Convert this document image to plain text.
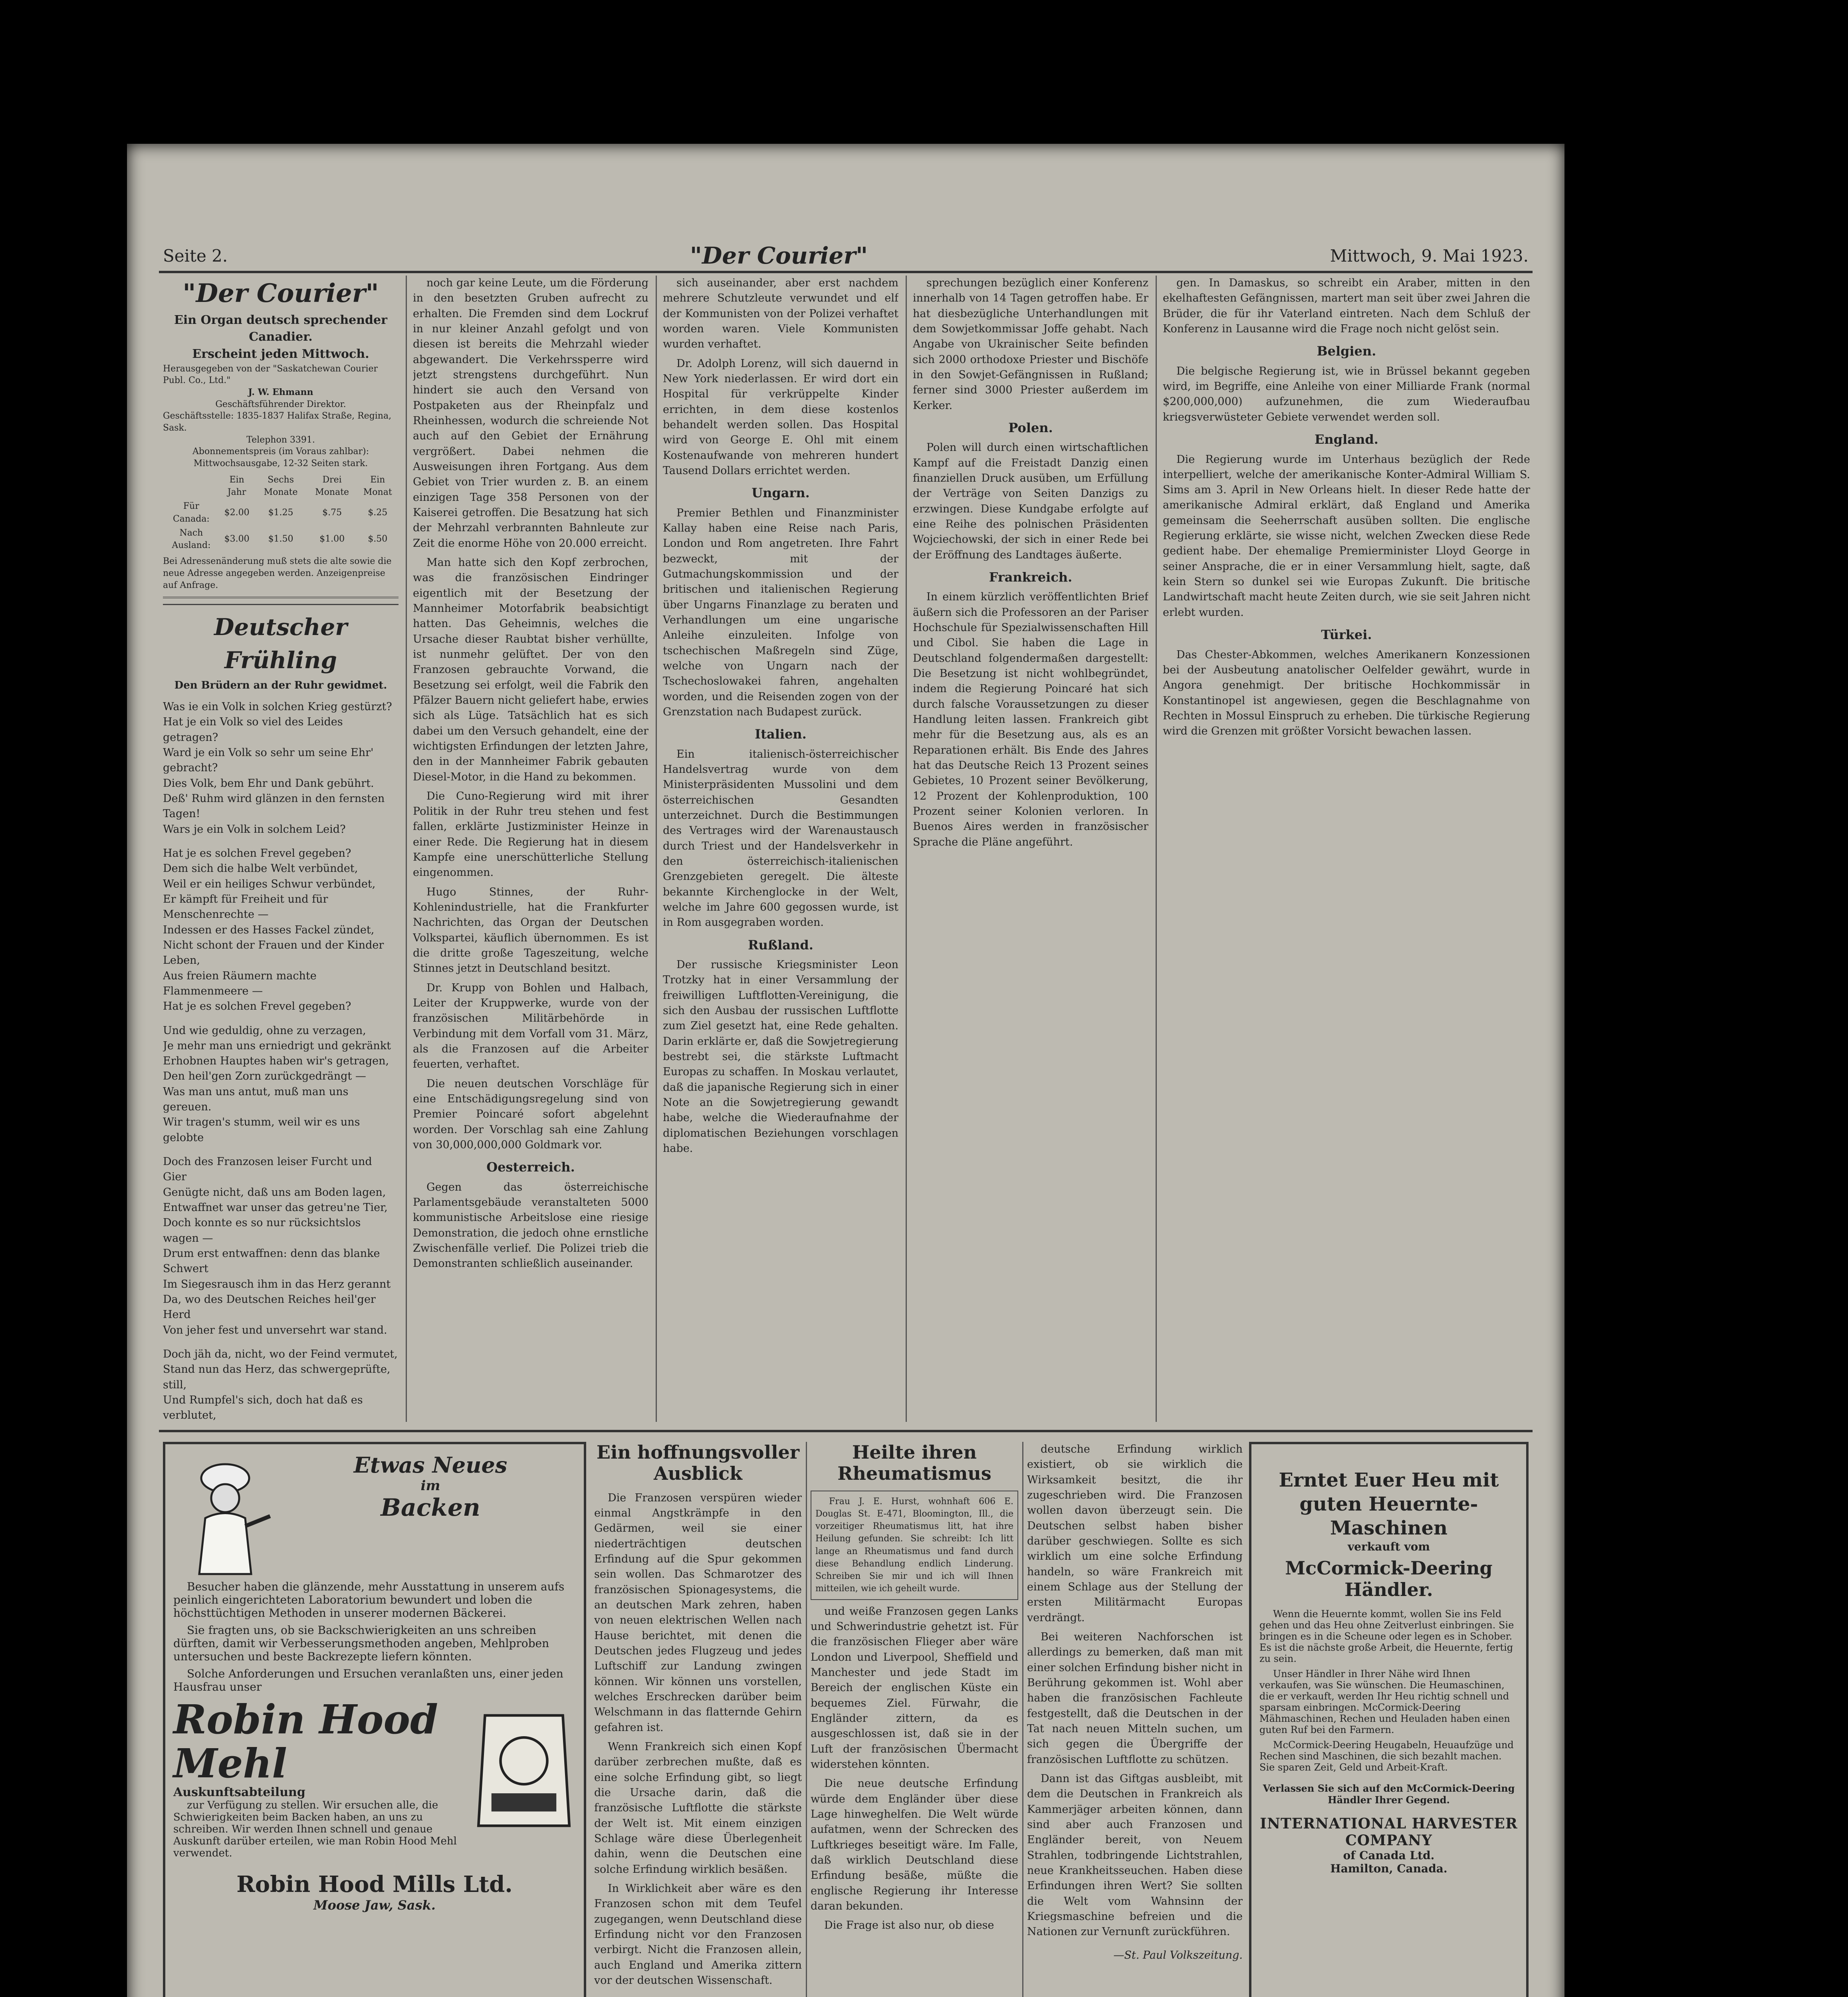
Seite 2.	"Der Courier"	Mittwoch, 9. Mai 1923.
"Der Courier"
Ein Organ deutsch sprechender Canadier.
Erscheint jeden Mittwoch.
Herausgegeben von der "Saskatchewan Courier Publ. Co., Ltd."
J. W. Ehmann
Geschäftsführender Direktor.
Geschäftsstelle: 1835-1837 Halifax Straße, Regina, Sask.
Telephon 3391.
Abonnementspreis (im Voraus zahlbar):
Mittwochsausgabe, 12-32 Seiten stark.
	Ein Jahr	Sechs Monate	Drei Monate	Ein Monat
Für Canada:	$2.00	$1.25	$.75	$.25
Nach Ausland:	$3.00	$1.50	$1.00	$.50
Bei Adressenänderung muß stets die alte sowie die neue Adresse angegeben werden. Anzeigenpreise auf Anfrage.
Deutscher Frühling
Den Brüdern an der Ruhr gewidmet.

Was ie ein Volk in solchen Krieg gestürzt?

Hat je ein Volk so viel des Leides getragen?

Ward je ein Volk so sehr um seine Ehr' gebracht?

Dies Volk, bem Ehr und Dank gebührt.

Deß' Ruhm wird glänzen in den fernsten Tagen!

Wars je ein Volk in solchem Leid?

Hat je es solchen Frevel gegeben?

Dem sich die halbe Welt verbündet,

Weil er ein heiliges Schwur verbündet,

Er kämpft für Freiheit und für Menschenrechte —

Indessen er des Hasses Fackel zündet,

Nicht schont der Frauen und der Kinder Leben,

Aus freien Räumern machte Flammenmeere —

Hat je es solchen Frevel gegeben?

Und wie geduldig, ohne zu verzagen,

Je mehr man uns erniedrigt und gekränkt

Erhobnen Hauptes haben wir's getragen,

Den heil'gen Zorn zurückgedrängt —

Was man uns antut, muß man uns gereuen.

Wir tragen's stumm, weil wir es uns gelobte

Doch des Franzosen leiser Furcht und Gier

Genügte nicht, daß uns am Boden lagen,

Entwaffnet war unser das getreu'ne Tier,

Doch konnte es so nur rücksichtslos wagen —

Drum erst entwaffnen: denn das blanke Schwert

Im Siegesrausch ihm in das Herz gerannt

Da, wo des Deutschen Reiches heil'ger Herd

Von jeher fest und unversehrt war stand.

Doch jäh da, nicht, wo der Feind vermutet,

Stand nun das Herz, das schwergeprüfte, still,

Und Rumpfel's sich, doch hat daß es verblutet,

noch gar keine Leute, um die Förderung in den besetzten Gruben aufrecht zu erhalten. Die Fremden sind dem Lockruf in nur kleiner Anzahl gefolgt und von diesen ist bereits die Mehrzahl wieder abgewandert. Die Verkehrssperre wird jetzt strengstens durchgeführt. Nun hindert sie auch den Versand von Postpaketen aus der Rheinpfalz und Rheinhessen, wodurch die schreiende Not auch auf den Gebiet der Ernährung vergrößert. Dabei nehmen die Ausweisungen ihren Fortgang. Aus dem Gebiet von Trier wurden z. B. an einem einzigen Tage 358 Personen von der Kaiserei getroffen. Die Besatzung hat sich der Mehrzahl verbrannten Bahnleute zur Zeit die enorme Höhe von 20.000 erreicht.

Man hatte sich den Kopf zerbrochen, was die französischen Eindringer eigentlich mit der Besetzung der Mannheimer Motorfabrik beabsichtigt hatten. Das Geheimnis, welches die Ursache dieser Raubtat bisher verhüllte, ist nunmehr gelüftet. Der von den Franzosen gebrauchte Vorwand, die Besetzung sei erfolgt, weil die Fabrik den Pfälzer Bauern nicht geliefert habe, erwies sich als Lüge. Tatsächlich hat es sich dabei um den Versuch gehandelt, eine der wichtigsten Erfindungen der letzten Jahre, den in der Mannheimer Fabrik gebauten Diesel-Motor, in die Hand zu bekommen.

Die Cuno-Regierung wird mit ihrer Politik in der Ruhr treu stehen und fest fallen, erklärte Justizminister Heinze in einer Rede. Die Regierung hat in diesem Kampfe eine unerschütterliche Stellung eingenommen.

Hugo Stinnes, der Ruhr-Kohlenindustrielle, hat die Frankfurter Nachrichten, das Organ der Deutschen Volkspartei, käuflich übernommen. Es ist die dritte große Tageszeitung, welche Stinnes jetzt in Deutschland besitzt.

Dr. Krupp von Bohlen und Halbach, Leiter der Kruppwerke, wurde von der französischen Militärbehörde in Verbindung mit dem Vorfall vom 31. März, als die Franzosen auf die Arbeiter feuerten, verhaftet.

Die neuen deutschen Vorschläge für eine Entschädigungsregelung sind von Premier Poincaré sofort abgelehnt worden. Der Vorschlag sah eine Zahlung von 30,000,000,000 Goldmark vor.

Oesterreich.

Gegen das österreichische Parlamentsgebäude veranstalteten 5000 kommunistische Arbeitslose eine riesige Demonstration, die jedoch ohne ernstliche Zwischenfälle verlief. Die Polizei trieb die Demonstranten schließlich auseinander.

sich auseinander, aber erst nachdem mehrere Schutzleute verwundet und elf der Kommunisten von der Polizei verhaftet worden waren. Viele Kommunisten wurden verhaftet.

Dr. Adolph Lorenz, will sich dauernd in New York niederlassen. Er wird dort ein Hospital für verkrüppelte Kinder errichten, in dem diese kostenlos behandelt werden sollen. Das Hospital wird von George E. Ohl mit einem Kostenaufwande von mehreren hundert Tausend Dollars errichtet werden.

Ungarn.

Premier Bethlen und Finanzminister Kallay haben eine Reise nach Paris, London und Rom angetreten. Ihre Fahrt bezweckt, mit der Gutmachungskommission und der britischen und italienischen Regierung über Ungarns Finanzlage zu beraten und Verhandlungen um eine ungarische Anleihe einzuleiten. Infolge von tschechischen Maßregeln sind Züge, welche von Ungarn nach der Tschechoslowakei fahren, angehalten worden, und die Reisenden zogen von der Grenzstation nach Budapest zurück.

Italien.

Ein italienisch-österreichischer Handelsvertrag wurde von dem Ministerpräsidenten Mussolini und dem österreichischen Gesandten unterzeichnet. Durch die Bestimmungen des Vertrages wird der Warenaustausch durch Triest und der Handelsverkehr in den österreichisch-italienischen Grenzgebieten geregelt. Die älteste bekannte Kirchenglocke in der Welt, welche im Jahre 600 gegossen wurde, ist in Rom ausgegraben worden.

Rußland.

Der russische Kriegsminister Leon Trotzky hat in einer Versammlung der freiwilligen Luftflotten-Vereinigung, die sich den Ausbau der russischen Luftflotte zum Ziel gesetzt hat, eine Rede gehalten. Darin erklärte er, daß die Sowjetregierung bestrebt sei, die stärkste Luftmacht Europas zu schaffen. In Moskau verlautet, daß die japanische Regierung sich in einer Note an die Sowjetregierung gewandt habe, welche die Wiederaufnahme der diplomatischen Beziehungen vorschlagen habe.

sprechungen bezüglich einer Konferenz innerhalb von 14 Tagen getroffen habe. Er hat diesbezügliche Unterhandlungen mit dem Sowjetkommissar Joffe gehabt. Nach Angabe von Ukrainischer Seite befinden sich 2000 orthodoxe Priester und Bischöfe in den Sowjet-Gefängnissen in Rußland; ferner sind 3000 Priester außerdem im Kerker.

Polen.

Polen will durch einen wirtschaftlichen Kampf auf die Freistadt Danzig einen finanziellen Druck ausüben, um Erfüllung der Verträge von Seiten Danzigs zu erzwingen. Diese Kundgabe erfolgte auf eine Reihe des polnischen Präsidenten Wojciechowski, der sich in einer Rede bei der Eröffnung des Landtages äußerte.

Frankreich.

In einem kürzlich veröffentlichten Brief äußern sich die Professoren an der Pariser Hochschule für Spezialwissenschaften Hill und Cibol. Sie haben die Lage in Deutschland folgendermaßen dargestellt: Die Besetzung ist nicht wohlbegründet, indem die Regierung Poincaré hat sich durch falsche Voraussetzungen zu dieser Handlung leiten lassen. Frankreich gibt mehr für die Besetzung aus, als es an Reparationen erhält. Bis Ende des Jahres hat das Deutsche Reich 13 Prozent seines Gebietes, 10 Prozent seiner Bevölkerung, 12 Prozent der Kohlenproduktion, 100 Prozent seiner Kolonien verloren. In Buenos Aires werden in französischer Sprache die Pläne angeführt.

gen. In Damaskus, so schreibt ein Araber, mitten in den ekelhaftesten Gefängnissen, martert man seit über zwei Jahren die Brüder, die für ihr Vaterland eintreten. Nach dem Schluß der Konferenz in Lausanne wird die Frage noch nicht gelöst sein.

Belgien.

Die belgische Regierung ist, wie in Brüssel bekannt gegeben wird, im Begriffe, eine Anleihe von einer Milliarde Frank (normal $200,000,000) aufzunehmen, die zum Wiederaufbau kriegsverwüsteter Gebiete verwendet werden soll.

England.

Die Regierung wurde im Unterhaus bezüglich der Rede interpelliert, welche der amerikanische Konter-Admiral William S. Sims am 3. April in New Orleans hielt. In dieser Rede hatte der amerikanische Admiral erklärt, daß England und Amerika gemeinsam die Seeherrschaft ausüben sollten. Die englische Regierung erklärte, sie wisse nicht, welchen Zwecken diese Rede gedient habe. Der ehemalige Premierminister Lloyd George in seiner Ansprache, die er in einer Versammlung hielt, sagte, daß kein Stern so dunkel sei wie Europas Zukunft. Die britische Landwirtschaft macht heute Zeiten durch, wie sie seit Jahren nicht erlebt wurden.

Türkei.

Das Chester-Abkommen, welches Amerikanern Konzessionen bei der Ausbeutung anatolischer Oelfelder gewährt, wurde in Angora genehmigt. Der britische Hochkommissär in Konstantinopel ist angewiesen, gegen die Beschlagnahme von Rechten in Mossul Einspruch zu erheben. Die türkische Regierung wird die Grenzen mit größter Vorsicht bewachen lassen.

Etwas Neues
im
Backen

Besucher haben die glänzende, mehr Ausstattung in unserem aufs peinlich eingerichteten Laboratorium bewundert und loben die höchsttüchtigen Methoden in unserer modernen Bäckerei.

Sie fragten uns, ob sie Backschwierigkeiten an uns schreiben dürften, damit wir Verbesserungsmethoden angeben, Mehlproben untersuchen und beste Backrezepte liefern könnten.

Solche Anforderungen und Ersuchen veranlaßten uns, einer jeden Hausfrau unser

Robin Hood Mehl
Auskunftsabteilung

zur Verfügung zu stellen. Wir ersuchen alle, die Schwierigkeiten beim Backen haben, an uns zu schreiben. Wir werden Ihnen schnell und genaue Auskunft darüber erteilen, wie man Robin Hood Mehl verwendet.

Robin Hood Mills Ltd.
Moose Jaw, Sask.
Ein hoffnungsvoller Ausblick

Die Franzosen verspüren wieder einmal Angstkrämpfe in den Gedärmen, weil sie einer niederträchtigen deutschen Erfindung auf die Spur gekommen sein wollen. Das Schmarotzer des französischen Spionagesystems, die an deutschen Mark zehren, haben von neuen elektrischen Wellen nach Hause berichtet, mit denen die Deutschen jedes Flugzeug und jedes Luftschiff zur Landung zwingen können. Wir können uns vorstellen, welches Erschrecken darüber beim Welschmann in das flatternde Gehirn gefahren ist.

Wenn Frankreich sich einen Kopf darüber zerbrechen mußte, daß es eine solche Erfindung gibt, so liegt die Ursache darin, daß die französische Luftflotte die stärkste der Welt ist. Mit einem einzigen Schlage wäre diese Überlegenheit dahin, wenn die Deutschen eine solche Erfindung wirklich besäßen.

In Wirklichkeit aber wäre es den Franzosen schon mit dem Teufel zugegangen, wenn Deutschland diese Erfindung nicht vor den Franzosen verbirgt. Nicht die Franzosen allein, auch England und Amerika zittern vor der deutschen Wissenschaft.

Heilte ihren Rheumatismus

Frau J. E. Hurst, wohnhaft 606 E. Douglas St. E-471, Bloomington, Ill., die vorzeitiger Rheumatismus litt, hat ihre Heilung gefunden. Sie schreibt: Ich litt lange an Rheumatismus und fand durch diese Behandlung endlich Linderung. Schreiben Sie mir und ich will Ihnen mitteilen, wie ich geheilt wurde.

und weiße Franzosen gegen Lanks und Schwerindustrie gehetzt ist. Für die französischen Flieger aber wäre London und Liverpool, Sheffield und Manchester und jede Stadt im Bereich der englischen Küste ein bequemes Ziel. Fürwahr, die Engländer zittern, da es ausgeschlossen ist, daß sie in der Luft der französischen Übermacht widerstehen könnten.

Die neue deutsche Erfindung würde dem Engländer über diese Lage hinweghelfen. Die Welt würde aufatmen, wenn der Schrecken des Luftkrieges beseitigt wäre. Im Falle, daß wirklich Deutschland diese Erfindung besäße, müßte die englische Regierung ihr Interesse daran bekunden.

Die Frage ist also nur, ob diese

deutsche Erfindung wirklich existiert, ob sie wirklich die Wirksamkeit besitzt, die ihr zugeschrieben wird. Die Franzosen wollen davon überzeugt sein. Die Deutschen selbst haben bisher darüber geschwiegen. Sollte es sich wirklich um eine solche Erfindung handeln, so wäre Frankreich mit einem Schlage aus der Stellung der ersten Militärmacht Europas verdrängt.

Bei weiteren Nachforschen ist allerdings zu bemerken, daß man mit einer solchen Erfindung bisher nicht in Berührung gekommen ist. Wohl aber haben die französischen Fachleute festgestellt, daß die Deutschen in der Tat nach neuen Mitteln suchen, um sich gegen die Übergriffe der französischen Luftflotte zu schützen.

Dann ist das Giftgas ausbleibt, mit dem die Deutschen in Frankreich als Kammerjäger arbeiten können, dann sind aber auch Franzosen und Engländer bereit, von Neuem Strahlen, todbringende Lichtstrahlen, neue Krankheitsseuchen. Haben diese Erfindungen ihren Wert? Sie sollten die Welt vom Wahnsinn der Kriegsmaschine befreien und die Nationen zur Vernunft zurückführen.

—St. Paul Volkszeitung.
Erntet Euer Heu mit guten Heuernte-Maschinen
verkauft vom
McCormick-Deering Händler.

Wenn die Heuernte kommt, wollen Sie ins Feld gehen und das Heu ohne Zeitverlust einbringen. Sie bringen es in die Scheune oder legen es in Schober. Es ist die nächste große Arbeit, die Heuernte, fertig zu sein.

Unser Händler in Ihrer Nähe wird Ihnen verkaufen, was Sie wünschen. Die Heumaschinen, die er verkauft, werden Ihr Heu richtig schnell und sparsam einbringen. McCormick-Deering Mähmaschinen, Rechen und Heuladen haben einen guten Ruf bei den Farmern.

McCormick-Deering Heugabeln, Heuaufzüge und Rechen sind Maschinen, die sich bezahlt machen. Sie sparen Zeit, Geld und Arbeit-Kraft.

Verlassen Sie sich auf den McCormick-Deering Händler Ihrer Gegend.

INTERNATIONAL HARVESTER COMPANY
of Canada Ltd.
Hamilton, Canada.
